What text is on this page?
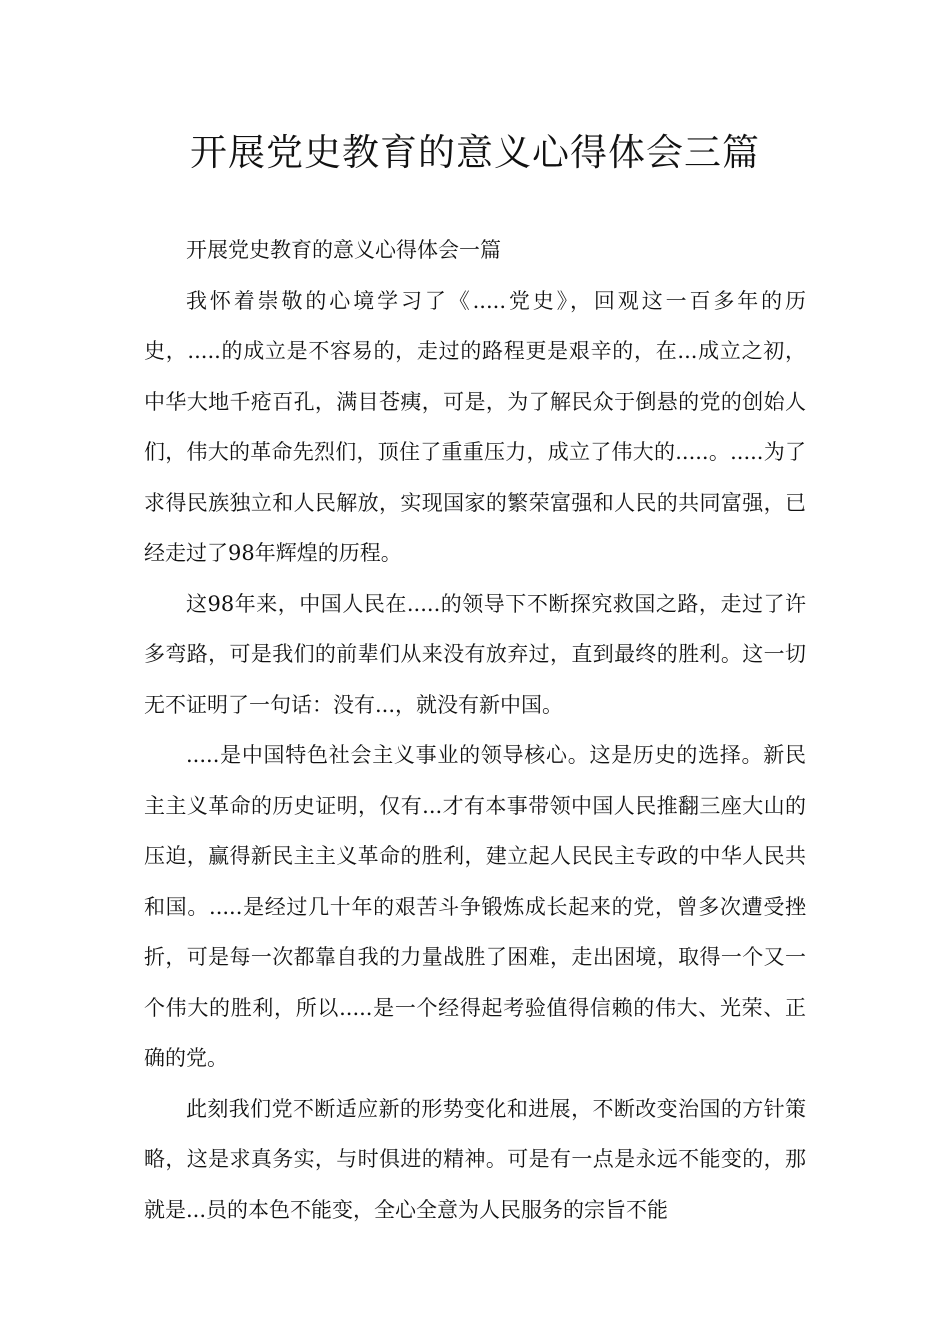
开展党史教育的意义心得体会三篇

开展党史教育的意义心得体会一篇

我怀着崇敬的心境学习了《.....党史》，回观这一百多年的历史，.....的成立是不容易的，走过的路程更是艰辛的，在...成立之初，中华大地千疮百孔，满目苍痍，可是，为了解民众于倒悬的党的创始人们，伟大的革命先烈们，顶住了重重压力，成立了伟大的.....。.....为了求得民族独立和人民解放，实现国家的繁荣富强和人民的共同富强，已经走过了98年辉煌的历程。

这98年来，中国人民在.....的领导下不断探究救国之路，走过了许多弯路，可是我们的前辈们从来没有放弃过，直到最终的胜利。这一切无不证明了一句话：没有...，就没有新中国。

.....是中国特色社会主义事业的领导核心。这是历史的选择。新民主主义革命的历史证明，仅有...才有本事带领中国人民推翻三座大山的压迫，赢得新民主主义革命的胜利，建立起人民民主专政的中华人民共和国。.....是经过几十年的艰苦斗争锻炼成长起来的党，曾多次遭受挫折，可是每一次都靠自我的力量战胜了困难，走出困境，取得一个又一个伟大的胜利，所以.....是一个经得起考验值得信赖的伟大、光荣、正确的党。

此刻我们党不断适应新的形势变化和进展，不断改变治国的方针策略，这是求真务实，与时俱进的精神。可是有一点是永远不能变的，那就是...员的本色不能变，全心全意为人民服务的宗旨不能
